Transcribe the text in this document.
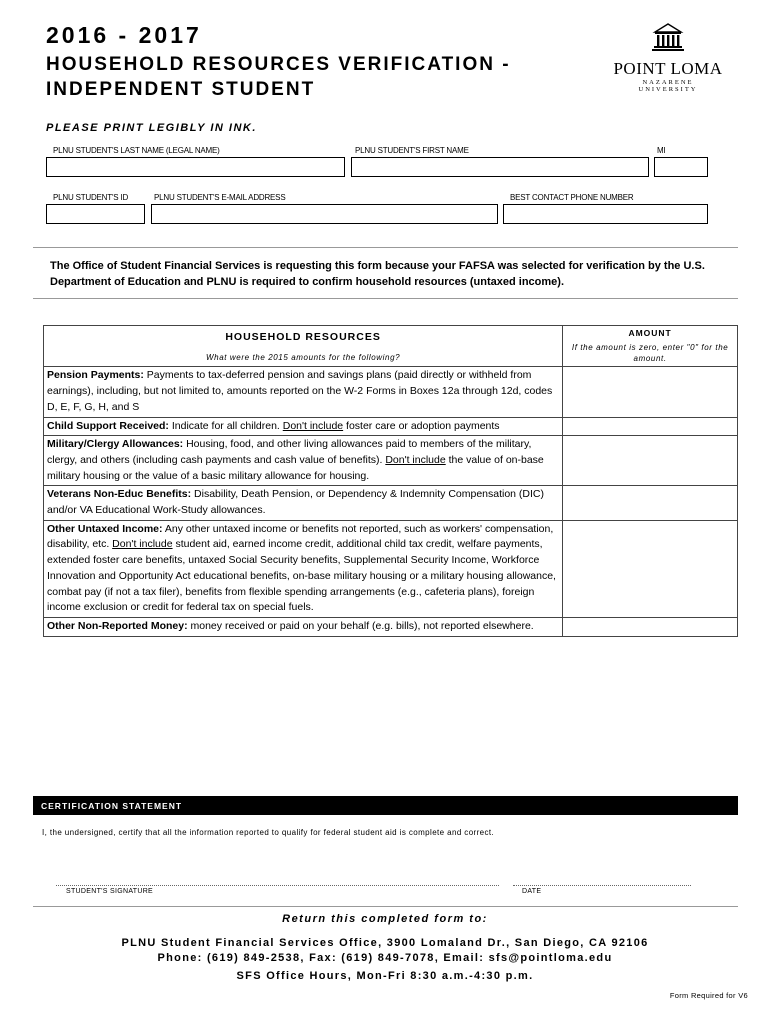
2016 - 2017
HOUSEHOLD RESOURCES VERIFICATION -
INDEPENDENT STUDENT
POINT LOMA
NAZARENE UNIVERSITY
PLEASE PRINT LEGIBLY IN INK.
PLNU STUDENT'S LAST NAME (LEGAL NAME)	PLNU STUDENT'S FIRST NAME	MI
PLNU STUDENT'S ID	PLNU STUDENT'S E-MAIL ADDRESS	BEST CONTACT PHONE NUMBER
The Office of Student Financial Services is requesting this form because your FAFSA was selected for verification by the U.S. Department of Education and PLNU is required to confirm household resources (untaxed income).
HOUSEHOLD RESOURCES
What were the 2015 amounts for the following?	AMOUNT
If the amount is zero, enter "0" for the amount.

Pension Payments: Payments to tax-deferred pension and savings plans (paid directly or withheld from earnings), including, but not limited to, amounts reported on the W-2 Forms in Boxes 12a through 12d, codes D, E, F, G, H, and S	
Child Support Received: Indicate for all children. Don't include foster care or adoption payments	
Military/Clergy Allowances: Housing, food, and other living allowances paid to members of the military, clergy, and others (including cash payments and cash value of benefits). Don't include the value of on-base military housing or the value of a basic military allowance for housing.	
Veterans Non-Educ Benefits: Disability, Death Pension, or Dependency & Indemnity Compensation (DIC) and/or VA Educational Work-Study allowances.	
Other Untaxed Income: Any other untaxed income or benefits not reported, such as workers' compensation, disability, etc. Don't include student aid, earned income credit, additional child tax credit, welfare payments, extended foster care benefits, untaxed Social Security benefits, Supplemental Security Income, Workforce Innovation and Opportunity Act educational benefits, on-base military housing or a military housing allowance, combat pay (if not a tax filer), benefits from flexible spending arrangements (e.g., cafeteria plans), foreign income exclusion or credit for federal tax on special fuels.	
Other Non-Reported Money: money received or paid on your behalf (e.g. bills), not reported elsewhere.	
CERTIFICATION STATEMENT
I, the undersigned, certify that all the information reported to qualify for federal student aid is complete and correct.
STUDENT'S SIGNATURE	DATE
Return this completed form to:
PLNU Student Financial Services Office, 3900 Lomaland Dr., San Diego, CA 92106
Phone: (619) 849-2538, Fax: (619) 849-7078, Email: sfs@pointloma.edu
SFS Office Hours, Mon-Fri 8:30 a.m.-4:30 p.m.
Form Required for V6
